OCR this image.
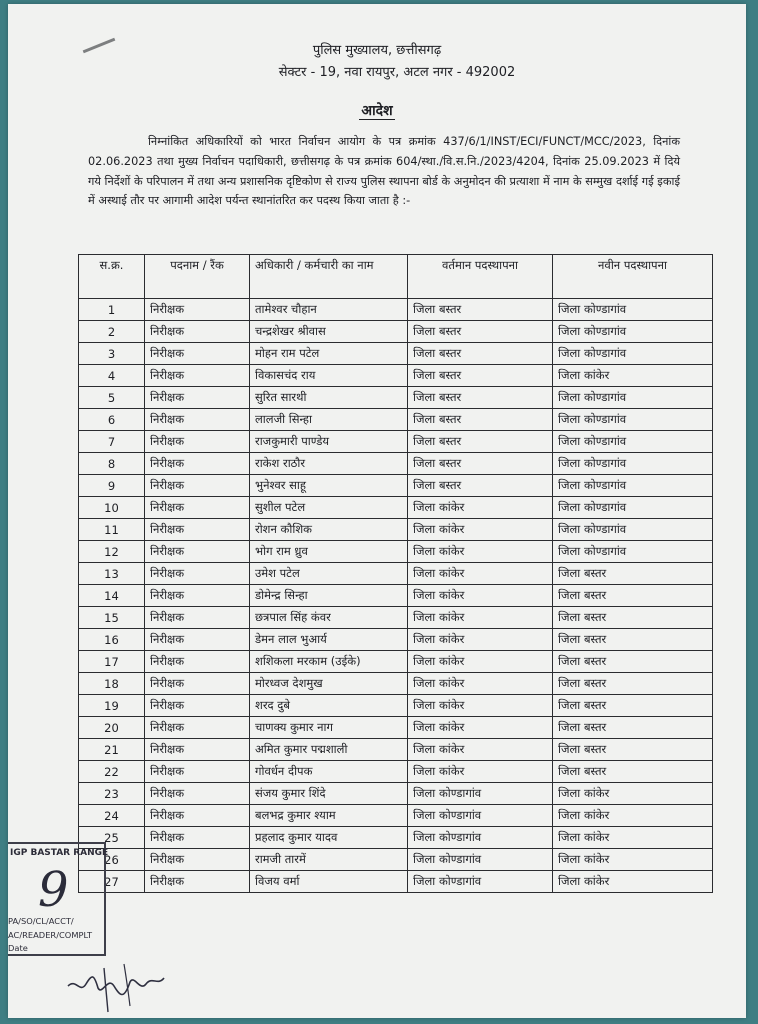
पुलिस मुख्यालय, छत्तीसगढ़
सेक्टर - 19, नवा रायपुर, अटल नगर - 492002
आदेश
निम्नांकित अधिकारियों को भारत निर्वाचन आयोग के पत्र क्रमांक 437/6/1/INST/ECI/FUNCT/MCC/2023, दिनांक 02.06.2023 तथा मुख्य निर्वाचन पदाधिकारी, छत्तीसगढ़ के पत्र क्रमांक 604/स्था./वि.स.नि./2023/4204, दिनांक 25.09.2023 में दिये गये निर्देशों के परिपालन में तथा अन्य प्रशासनिक दृष्टिकोण से राज्य पुलिस स्थापना बोर्ड के अनुमोदन की प्रत्याशा में नाम के सम्मुख दर्शाई गई इकाई में अस्थाई तौर पर आगामी आदेश पर्यन्त स्थानांतरित कर पदस्थ किया जाता है :-
स.क्र.	पदनाम / रैंक	अधिकारी / कर्मचारी का नाम	वर्तमान पदस्थापना	नवीन पदस्थापना
1	निरीक्षक	तामेश्वर चौहान	जिला बस्तर	जिला कोण्डागांव
2	निरीक्षक	चन्द्रशेखर श्रीवास	जिला बस्तर	जिला कोण्डागांव
3	निरीक्षक	मोहन राम पटेल	जिला बस्तर	जिला कोण्डागांव
4	निरीक्षक	विकासचंद राय	जिला बस्तर	जिला कांकेर
5	निरीक्षक	सुरित सारथी	जिला बस्तर	जिला कोण्डागांव
6	निरीक्षक	लालजी सिन्हा	जिला बस्तर	जिला कोण्डागांव
7	निरीक्षक	राजकुमारी पाण्डेय	जिला बस्तर	जिला कोण्डागांव
8	निरीक्षक	राकेश राठौर	जिला बस्तर	जिला कोण्डागांव
9	निरीक्षक	भुनेश्वर साहू	जिला बस्तर	जिला कोण्डागांव
10	निरीक्षक	सुशील पटेल	जिला कांकेर	जिला कोण्डागांव
11	निरीक्षक	रोशन कौशिक	जिला कांकेर	जिला कोण्डागांव
12	निरीक्षक	भोग राम ध्रुव	जिला कांकेर	जिला कोण्डागांव
13	निरीक्षक	उमेश पटेल	जिला कांकेर	जिला बस्तर
14	निरीक्षक	डोमेन्द्र सिन्हा	जिला कांकेर	जिला बस्तर
15	निरीक्षक	छत्रपाल सिंह कंवर	जिला कांकेर	जिला बस्तर
16	निरीक्षक	डेमन लाल भुआर्य	जिला कांकेर	जिला बस्तर
17	निरीक्षक	शशिकला मरकाम (उईके)	जिला कांकेर	जिला बस्तर
18	निरीक्षक	मोरध्वज देशमुख	जिला कांकेर	जिला बस्तर
19	निरीक्षक	शरद दुबे	जिला कांकेर	जिला बस्तर
20	निरीक्षक	चाणक्य कुमार नाग	जिला कांकेर	जिला बस्तर
21	निरीक्षक	अमित कुमार पद्मशाली	जिला कांकेर	जिला बस्तर
22	निरीक्षक	गोवर्धन दीपक	जिला कांकेर	जिला बस्तर
23	निरीक्षक	संजय कुमार शिंदे	जिला कोण्डागांव	जिला कांकेर
24	निरीक्षक	बलभद्र कुमार श्याम	जिला कोण्डागांव	जिला कांकेर
25	निरीक्षक	प्रहलाद कुमार यादव	जिला कोण्डागांव	जिला कांकेर
26	निरीक्षक	रामजी तारमें	जिला कोण्डागांव	जिला कांकेर
27	निरीक्षक	विजय वर्मा	जिला कोण्डागांव	जिला कांकेर
IGP BASTAR RANGE
9
PA/SO/CL/ACCT/
AC/READER/COMPLT
Date
